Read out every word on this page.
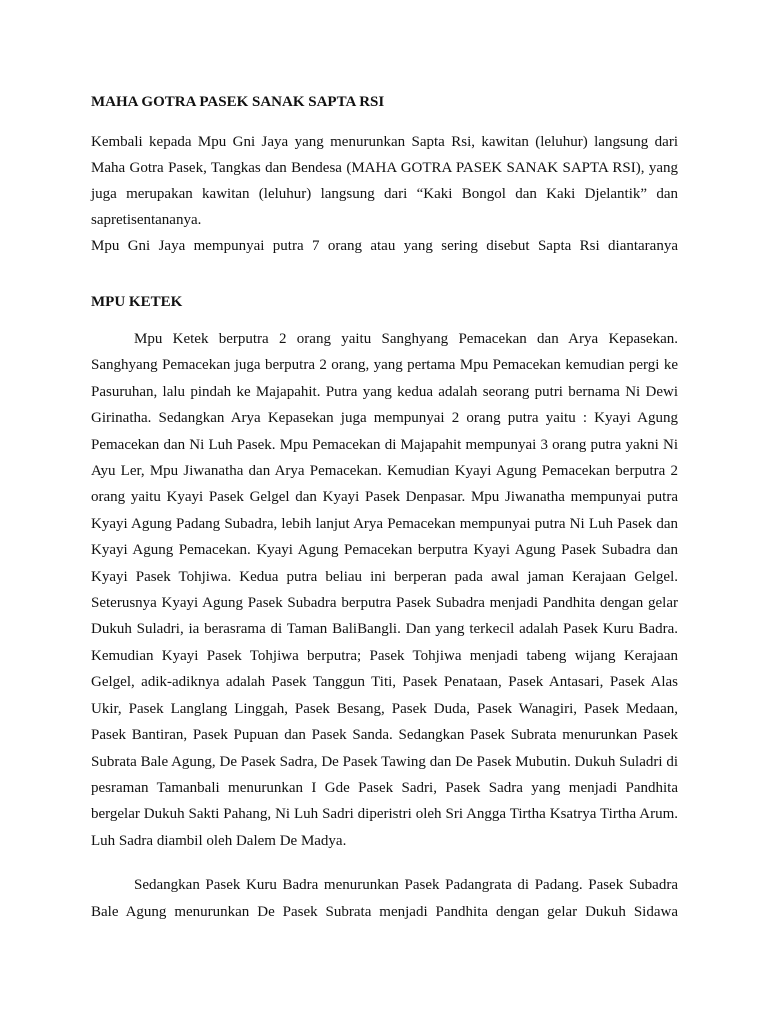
MAHA GOTRA PASEK SANAK SAPTA RSI

Kembali kepada Mpu Gni Jaya yang menurunkan Sapta Rsi, kawitan (leluhur) langsung dari Maha Gotra Pasek, Tangkas dan Bendesa (MAHA GOTRA PASEK SANAK SAPTA RSI), yang juga merupakan kawitan (leluhur) langsung dari “Kaki Bongol dan Kaki Djelantik” dan sapretisentananya.

Mpu Gni Jaya mempunyai putra 7 orang atau yang sering disebut Sapta Rsi diantaranya

MPU KETEK

Mpu Ketek berputra 2 orang yaitu Sanghyang Pemacekan dan Arya Kepasekan. Sanghyang Pemacekan juga berputra 2 orang, yang pertama Mpu Pemacekan kemudian pergi ke Pasuruhan, lalu pindah ke Majapahit. Putra yang kedua adalah seorang putri bernama Ni Dewi Girinatha. Sedangkan Arya Kepasekan juga mempunyai 2 orang putra yaitu : Kyayi Agung Pemacekan dan Ni Luh Pasek. Mpu Pemacekan di Majapahit mempunyai 3 orang putra yakni Ni Ayu Ler, Mpu Jiwanatha dan Arya Pemacekan. Kemudian Kyayi Agung Pemacekan berputra 2 orang yaitu Kyayi Pasek Gelgel dan Kyayi Pasek Denpasar. Mpu Jiwanatha mempunyai putra Kyayi Agung Padang Subadra, lebih lanjut Arya Pemacekan mempunyai putra Ni Luh Pasek dan Kyayi Agung Pemacekan. Kyayi Agung Pemacekan berputra Kyayi Agung Pasek Subadra dan Kyayi Pasek Tohjiwa. Kedua putra beliau ini berperan pada awal jaman Kerajaan Gelgel. Seterusnya Kyayi Agung Pasek Subadra berputra Pasek Subadra menjadi Pandhita dengan gelar Dukuh Suladri, ia berasrama di Taman BaliBangli. Dan yang terkecil adalah Pasek Kuru Badra. Kemudian Kyayi Pasek Tohjiwa berputra; Pasek Tohjiwa menjadi tabeng wijang Kerajaan Gelgel, adik-adiknya adalah Pasek Tanggun Titi, Pasek Penataan, Pasek Antasari, Pasek Alas Ukir, Pasek Langlang Linggah, Pasek Besang, Pasek Duda, Pasek Wanagiri, Pasek Medaan, Pasek Bantiran, Pasek Pupuan dan Pasek Sanda. Sedangkan Pasek Subrata menurunkan Pasek Subrata Bale Agung, De Pasek Sadra, De Pasek Tawing dan De Pasek Mubutin. Dukuh Suladri di pesraman Tamanbali menurunkan I Gde Pasek Sadri, Pasek Sadra yang menjadi Pandhita bergelar Dukuh Sakti Pahang, Ni Luh Sadri diperistri oleh Sri Angga Tirtha Ksatrya Tirtha Arum. Luh Sadra diambil oleh Dalem De Madya.

Sedangkan Pasek Kuru Badra menurunkan Pasek Padangrata di Padang. Pasek Subadra Bale Agung menurunkan De Pasek Subrata menjadi Pandhita dengan gelar Dukuh Sidawa
